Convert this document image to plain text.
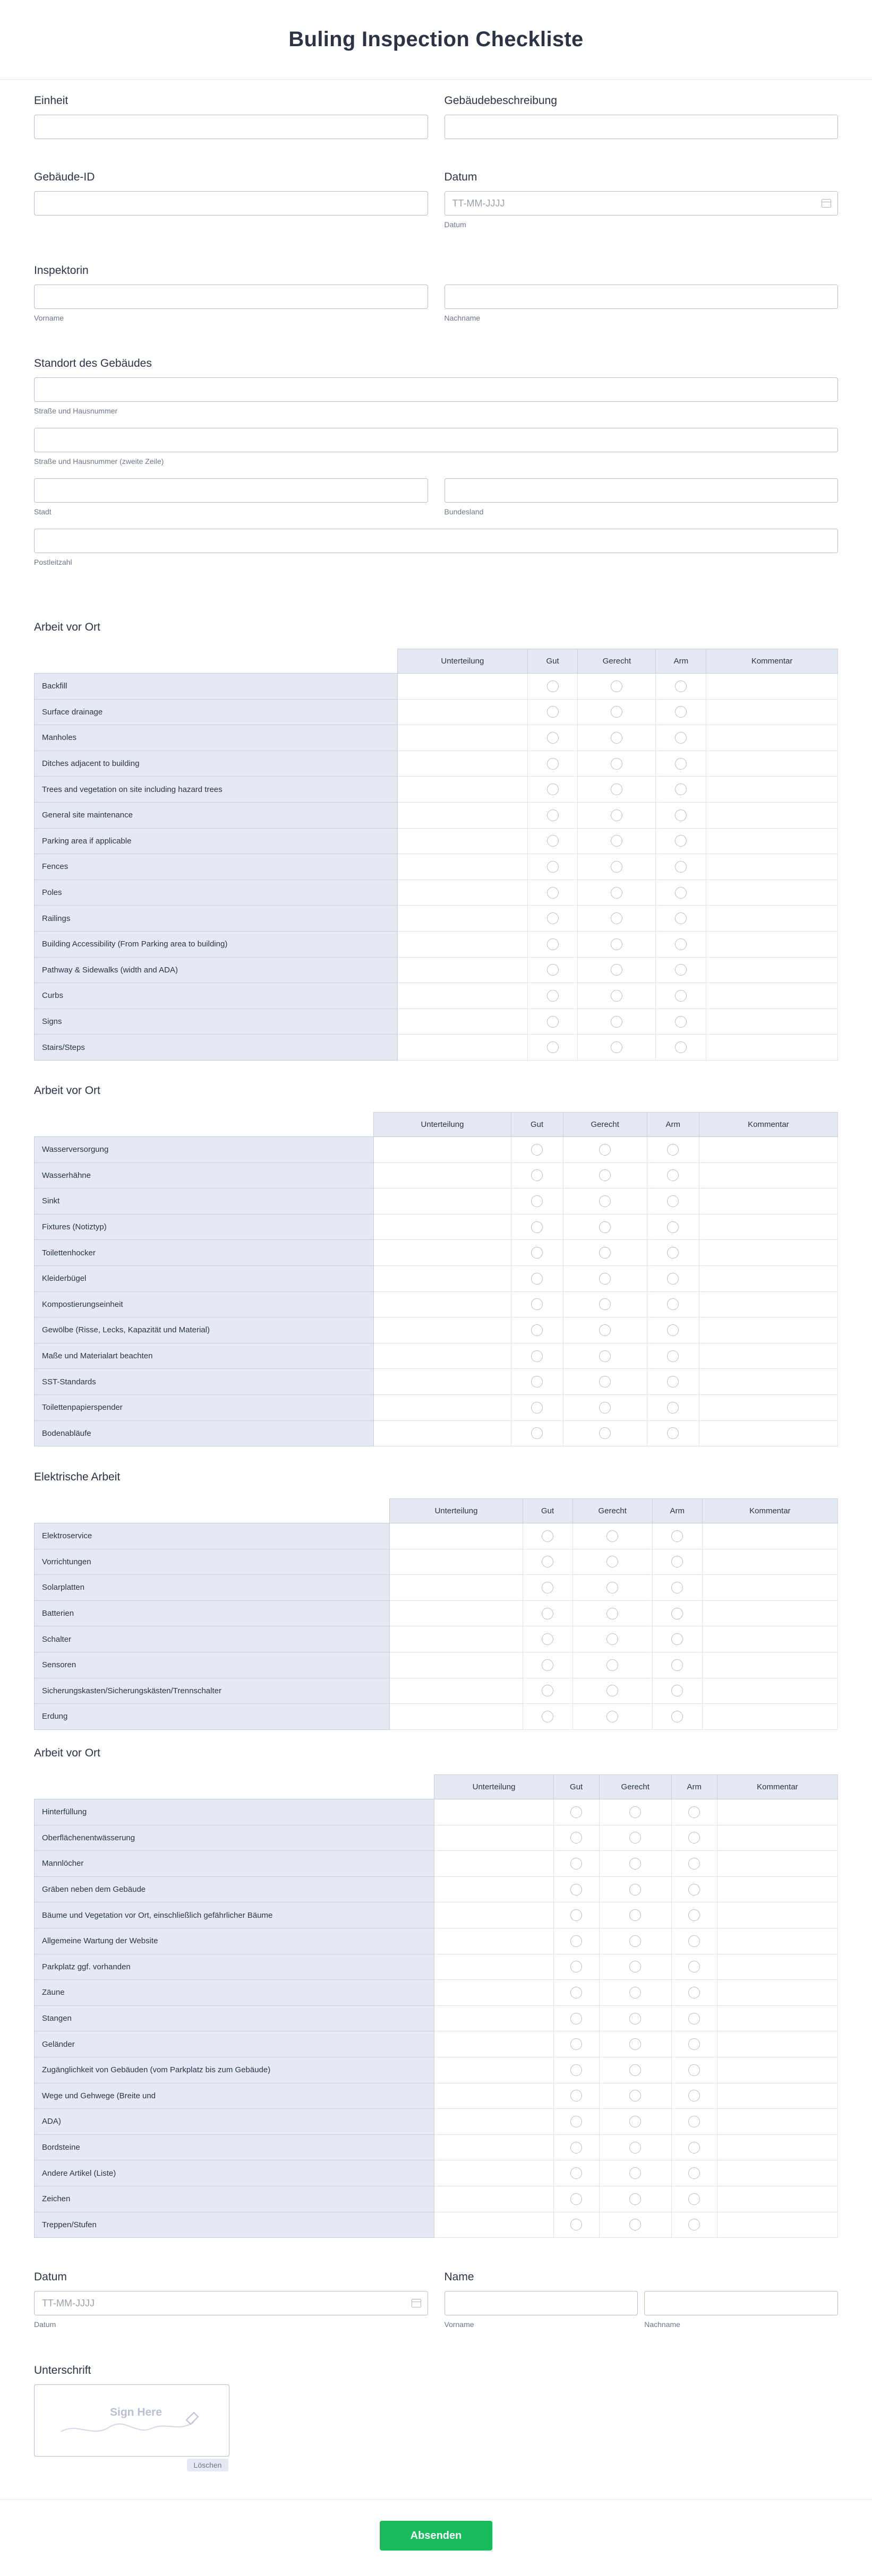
Buling Inspection Checkliste
Einheit	Gebäudebeschreibung
Gebäude-ID	Datum
TT-MM-JJJJ
Datum
Inspektorin
Vorname	Nachname
Standort des Gebäudes
Straße und Hausnummer
Straße und Hausnummer (zweite Zeile)
Stadt	Bundesland
Postleitzahl
Arbeit vor Ort
	Unterteilung	Gut	Gerecht	Arm	Kommentar
Backfill		

Surface drainage		

Manholes		

Ditches adjacent to building		

Trees and vegetation on site including hazard trees		

General site maintenance		

Parking area if applicable		

Fences		

Poles		

Railings		

Building Accessibility (From Parking area to building)		

Pathway & Sidewalks (width and ADA)		

Curbs		

Signs		

Stairs/Steps		

Arbeit vor Ort
	Unterteilung	Gut	Gerecht	Arm	Kommentar
Wasserversorgung		

Wasserhähne		

Sinkt		

Fixtures (Notiztyp)		

Toilettenhocker		

Kleiderbügel		

Kompostierungseinheit		

Gewölbe (Risse, Lecks, Kapazität und Material)		

Maße und Materialart beachten		

SST-Standards		

Toilettenpapierspender		

Bodenabläufe		

Elektrische Arbeit
	Unterteilung	Gut	Gerecht	Arm	Kommentar
Elektroservice		

Vorrichtungen		

Solarplatten		

Batterien		

Schalter		

Sensoren		

Sicherungskasten/Sicherungskästen/Trennschalter		

Erdung		

Arbeit vor Ort
	Unterteilung	Gut	Gerecht	Arm	Kommentar
Hinterfüllung		

Oberflächenentwässerung		

Mannlöcher		

Gräben neben dem Gebäude		

Bäume und Vegetation vor Ort, einschließlich gefährlicher Bäume		

Allgemeine Wartung der Website		

Parkplatz ggf. vorhanden		

Zäune		

Stangen		

Geländer		

Zugänglichkeit von Gebäuden (vom Parkplatz bis zum Gebäude)		

Wege und Gehwege (Breite und		

ADA)		

Bordsteine		

Andere Artikel (Liste)		

Zeichen		

Treppen/Stufen		

Datum
TT-MM-JJJJ
Datum
Name
Vorname	Nachname
Unterschrift
Sign Here
Löschen
Absenden
